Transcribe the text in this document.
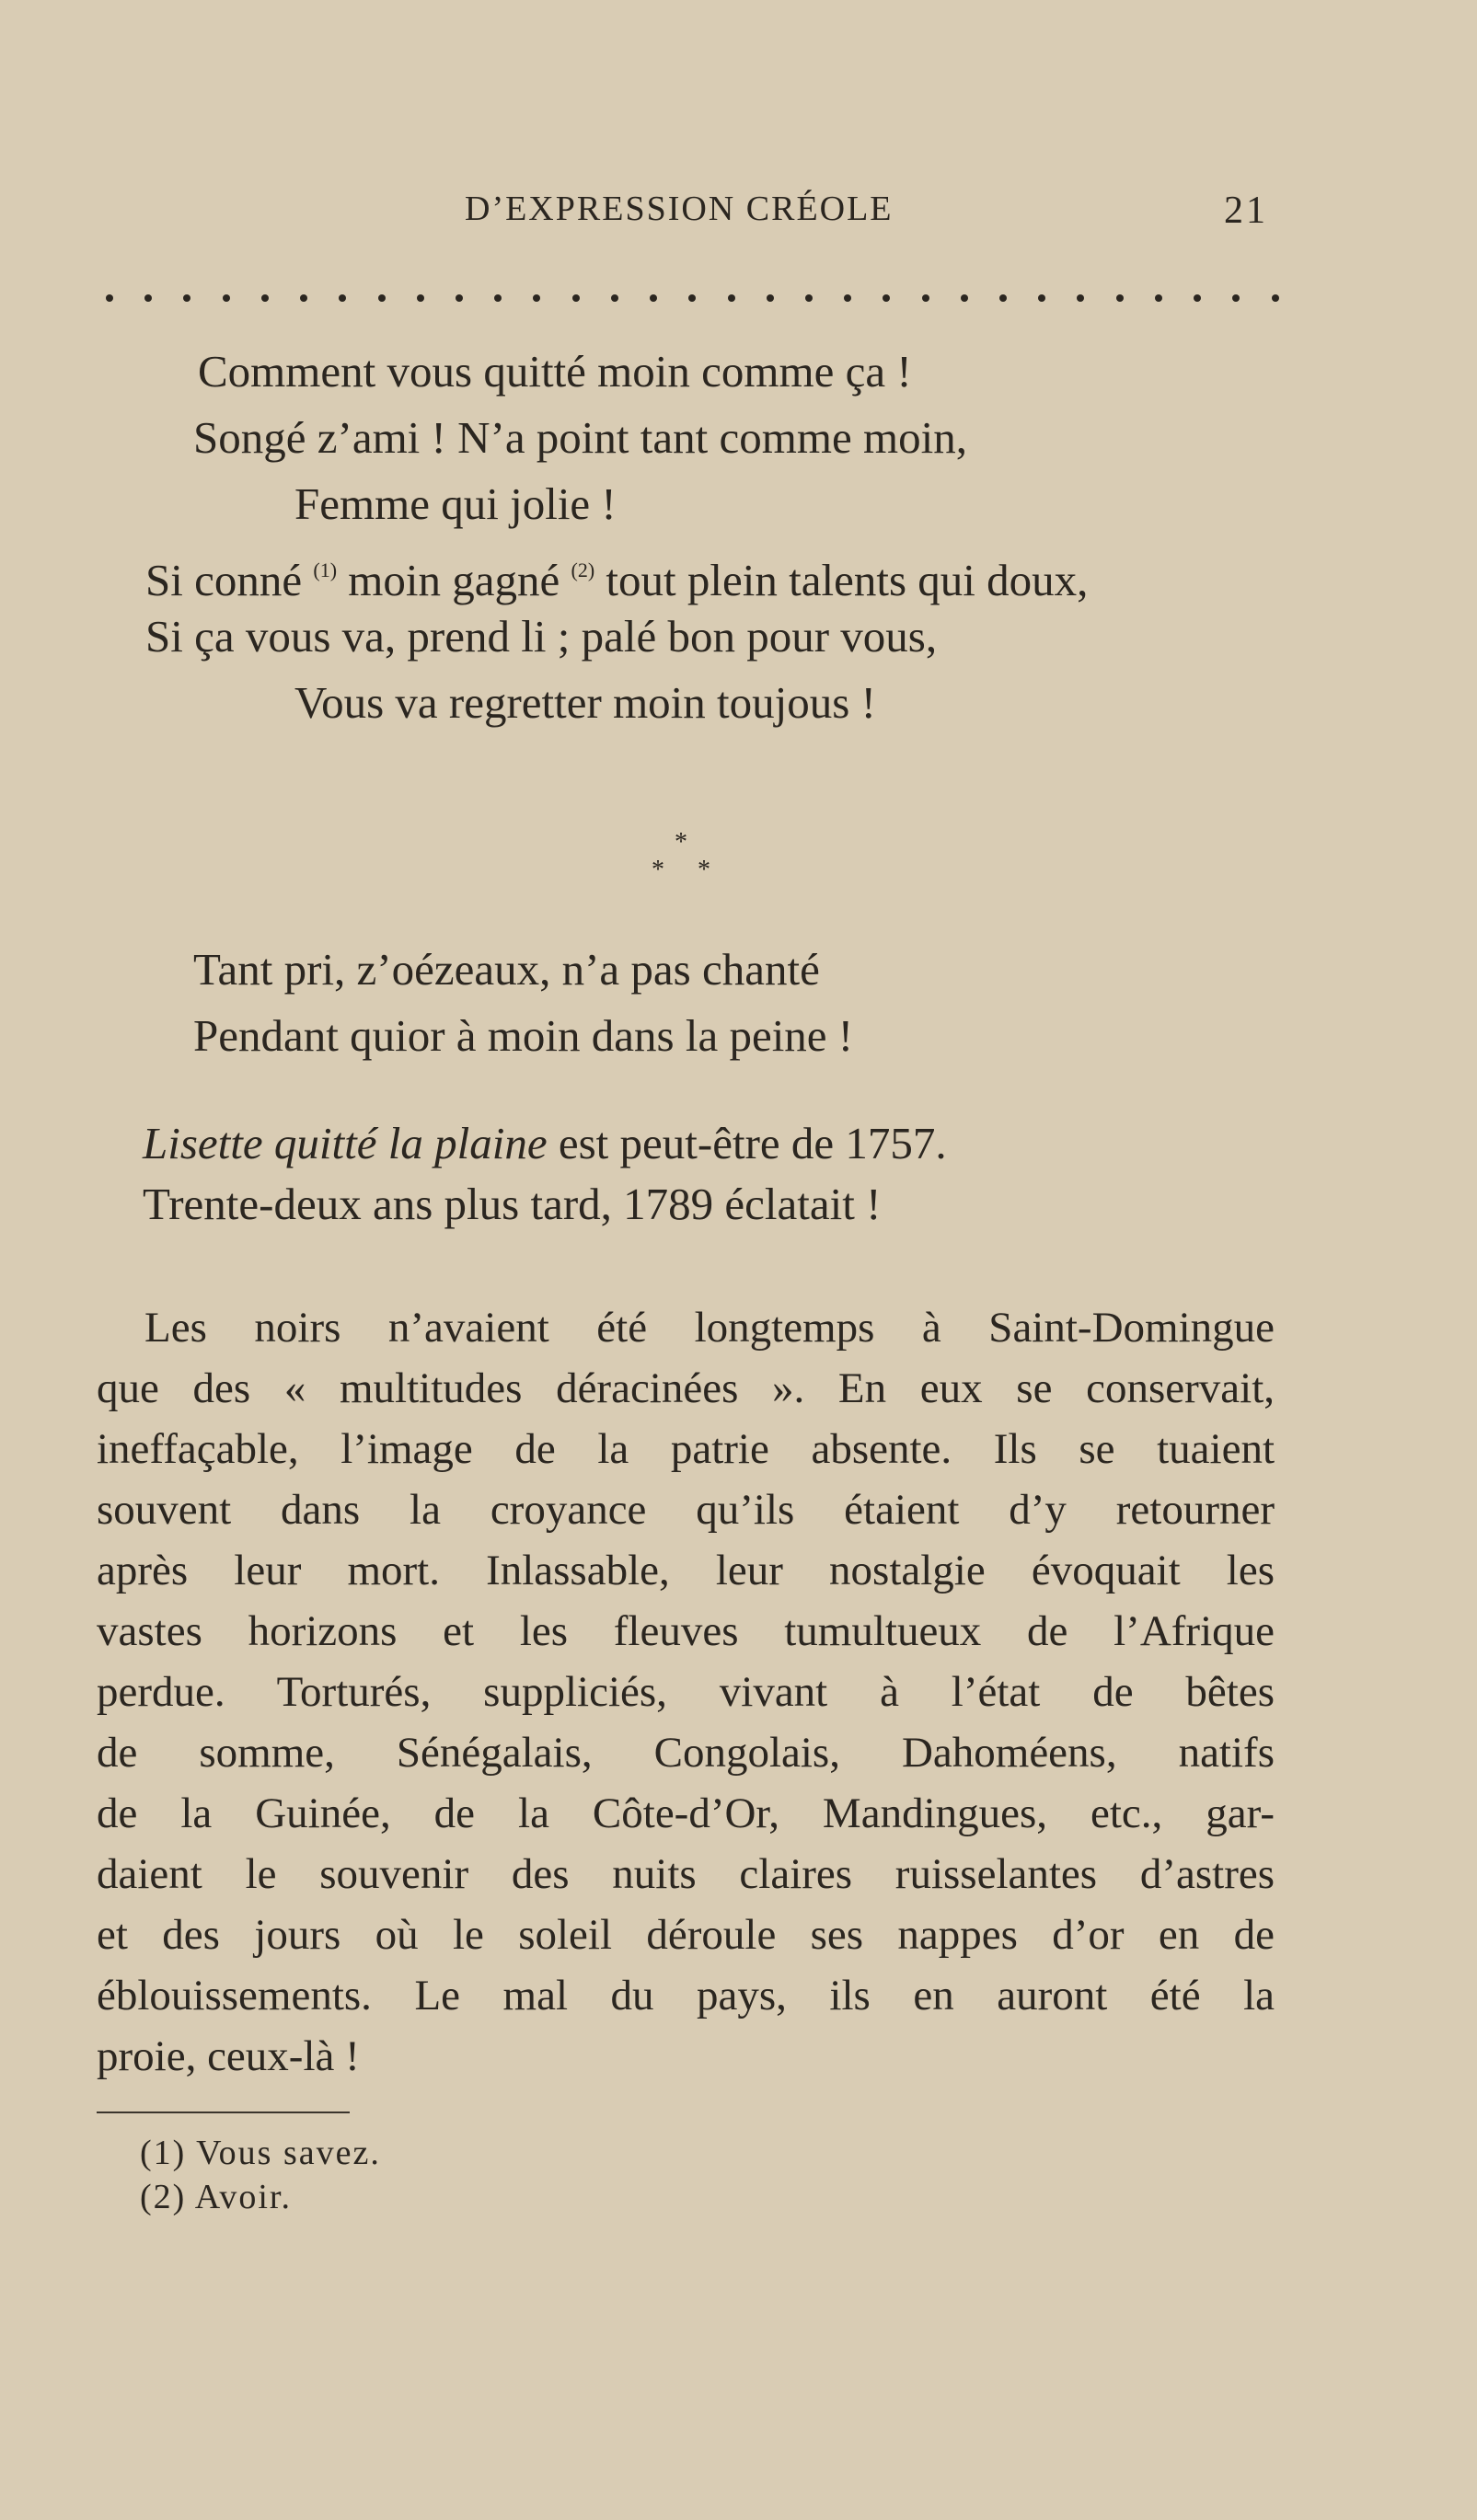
D’EXPRESSION CRÉOLE	21
Comment vous quitté moin comme ça !
Songé z’ami ! N’a point tant comme moin,
Femme qui jolie !
Si conné $^{(1)}$ moin gagné $^{(2)}$ tout plein talents qui doux,
Si ça vous va, prend li ; palé bon pour vous,
Vous va regretter moin toujous !
*
* *
Tant pri, z’oézeaux, n’a pas chanté
Pendant quior à moin dans la peine !
Lisette quitté la plaine est peut-être de 1757.
Trente-deux ans plus tard, 1789 éclatait !
Les noirs n’avaient été longtemps à Saint-Domingue
que des « multitudes déracinées ». En eux se conservait,
ineffaçable, l’image de la patrie absente. Ils se tuaient
souvent dans la croyance qu’ils étaient d’y retourner
après leur mort. Inlassable, leur nostalgie évoquait les
vastes horizons et les fleuves tumultueux de l’Afrique
perdue. Torturés, suppliciés, vivant à l’état de bêtes
de somme, Sénégalais, Congolais, Dahoméens, natifs
de la Guinée, de la Côte-d’Or, Mandingues, etc., gar-
daient le souvenir des nuits claires ruisselantes d’astres
et des jours où le soleil déroule ses nappes d’or en de
éblouissements. Le mal du pays, ils en auront été la
proie, ceux-là !
(1) Vous savez.
(2) Avoir.
